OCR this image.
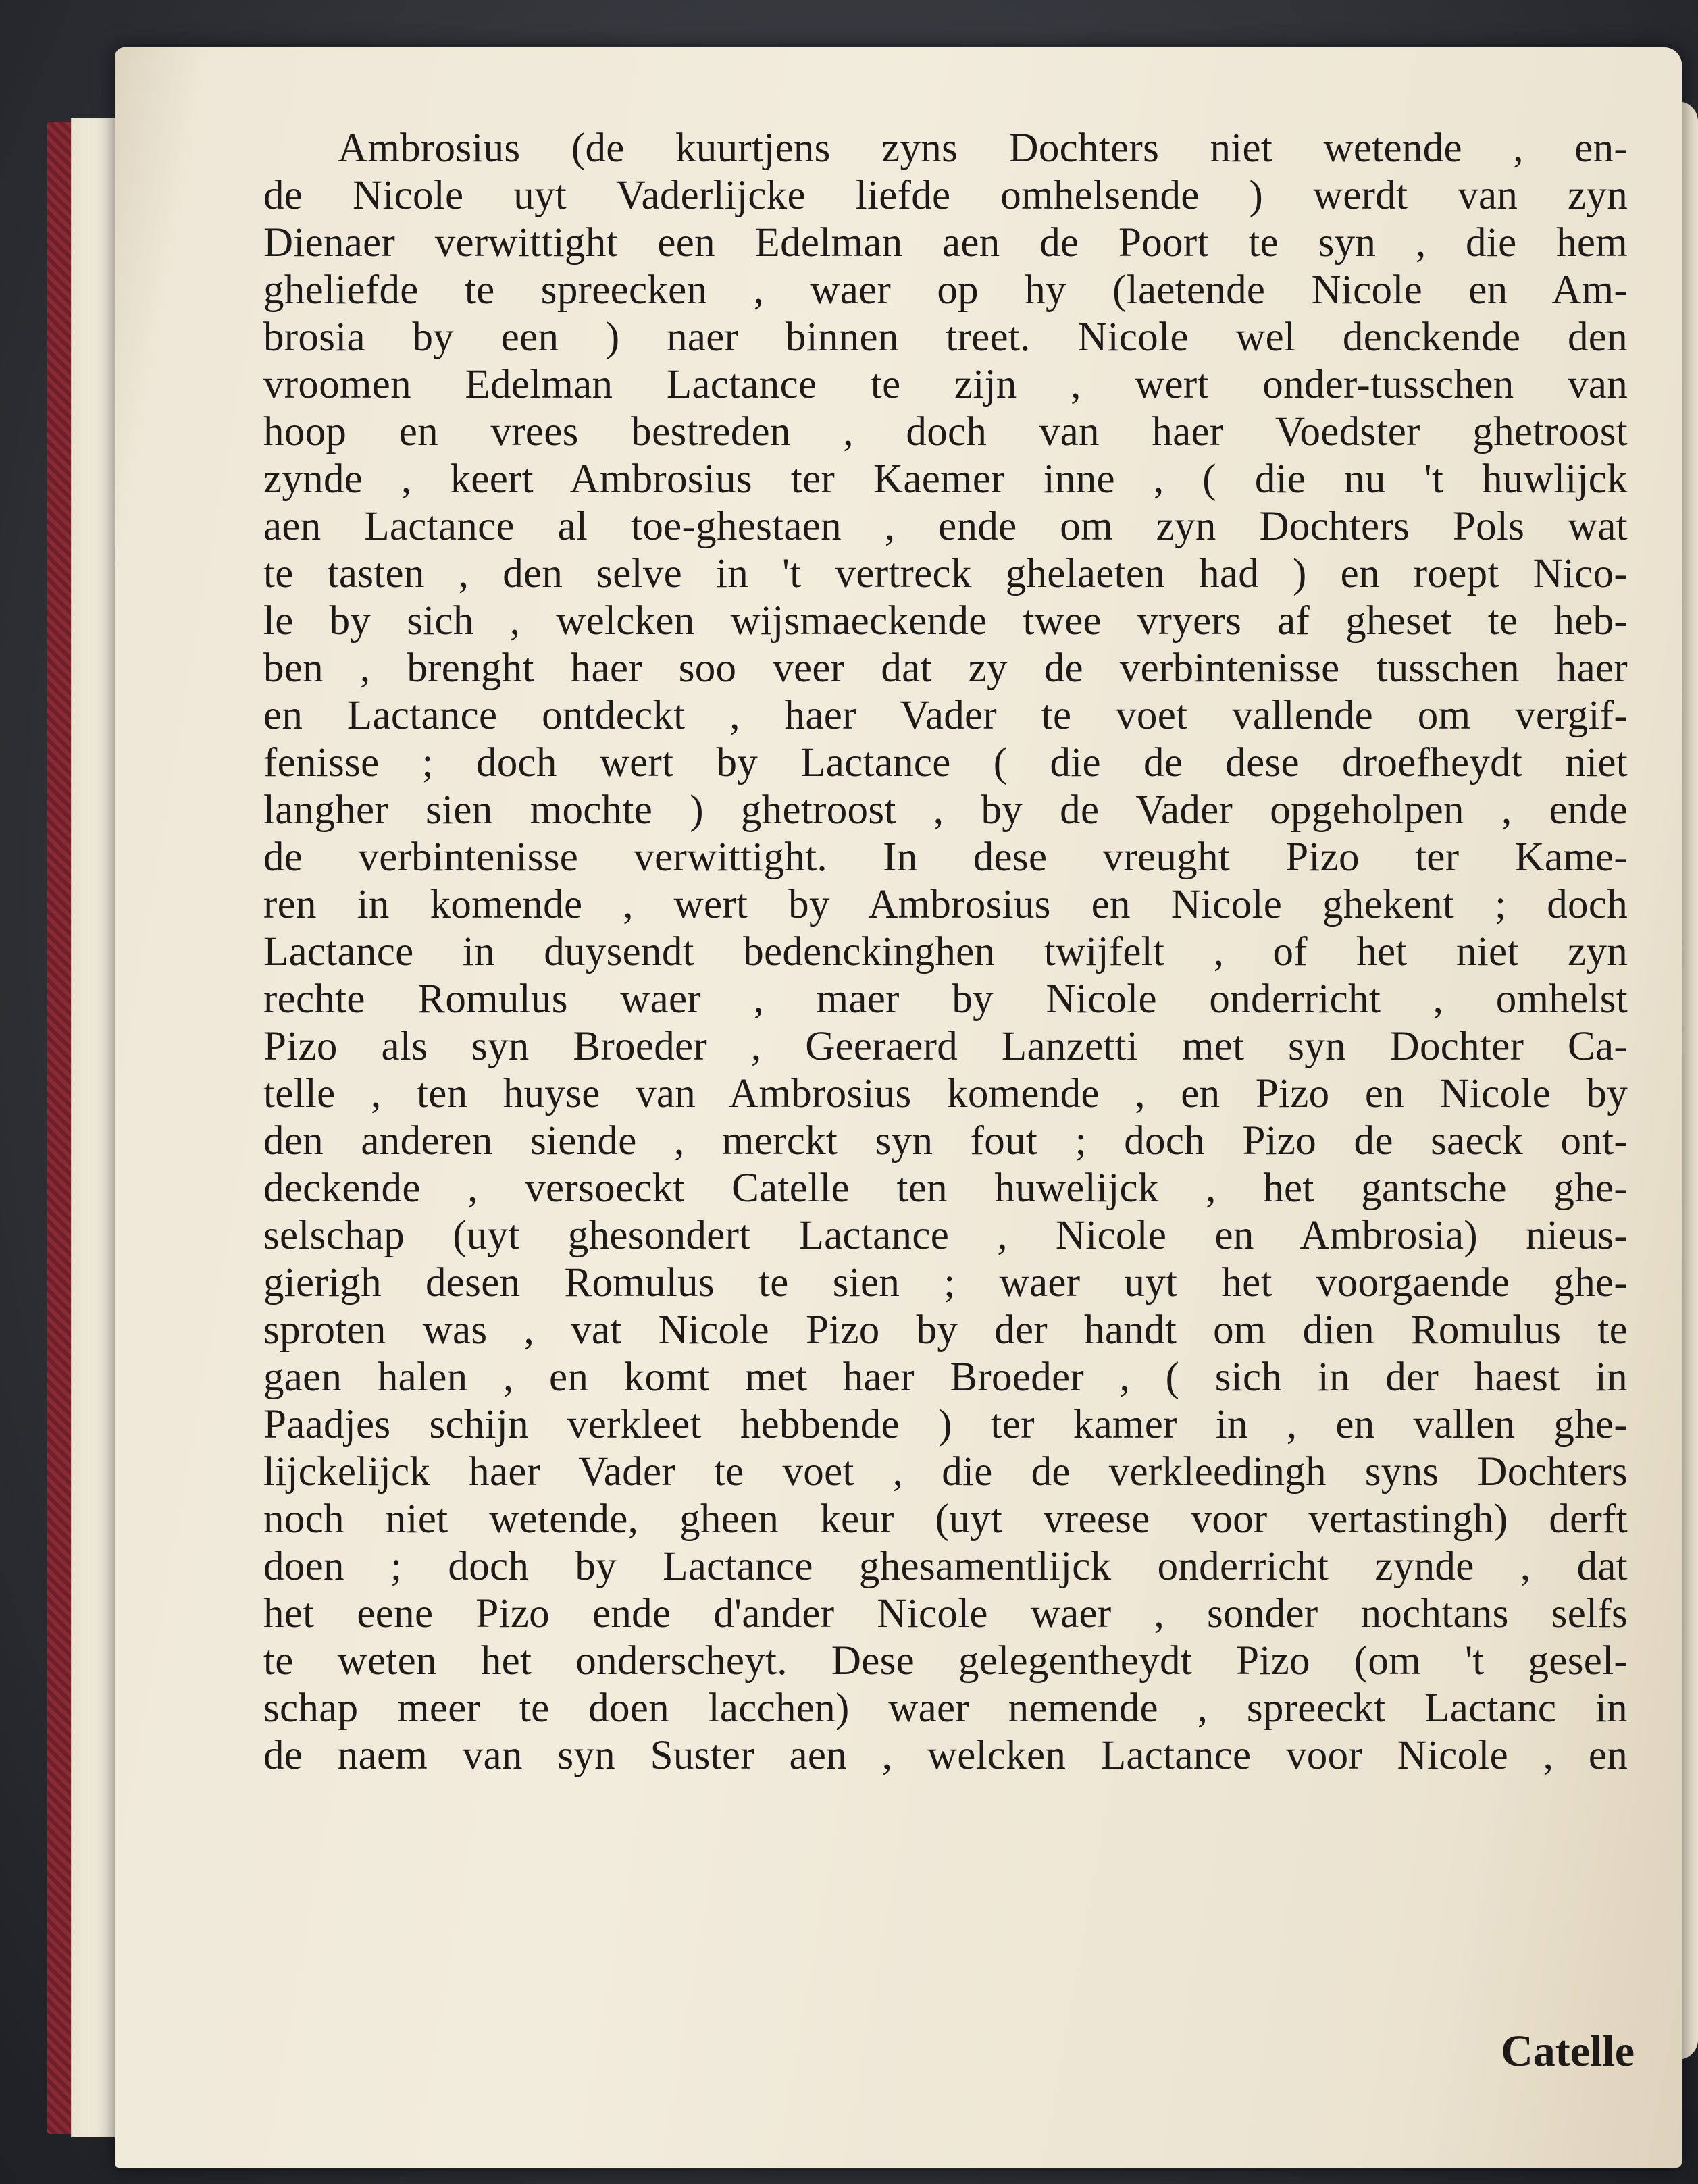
Ambrosius (de kuurtjens zyns Dochters niet wetende , en-
de Nicole uyt Vaderlijcke liefde omhelsende ) werdt van zyn
Dienaer verwittight een Edelman aen de Poort te syn , die hem
gheliefde te spreecken , waer op hy (laetende Nicole en Am-
brosia by een ) naer binnen treet. Nicole wel denckende den
vroomen Edelman Lactance te zijn , wert onder-tusschen van
hoop en vrees bestreden , doch van haer Voedster ghetroost
zynde , keert Ambrosius ter Kaemer inne , ( die nu 't huwlijck
aen Lactance al toe-ghestaen , ende om zyn Dochters Pols wat
te tasten , den selve in 't vertreck ghelaeten had ) en roept Nico-
le by sich , welcken wijsmaeckende twee vryers af gheset te heb-
ben , brenght haer soo veer dat zy de verbintenisse tusschen haer
en Lactance ontdeckt , haer Vader te voet vallende om vergif-
fenisse ; doch wert by Lactance ( die de dese droefheydt niet
langher sien mochte ) ghetroost , by de Vader opgeholpen , ende
de verbintenisse verwittight. In dese vreught Pizo ter Kame-
ren in komende , wert by Ambrosius en Nicole ghekent ; doch
Lactance in duysendt bedenckinghen twijfelt , of het niet zyn
rechte Romulus waer , maer by Nicole onderricht , omhelst
Pizo als syn Broeder , Geeraerd Lanzetti met syn Dochter Ca-
telle , ten huyse van Ambrosius komende , en Pizo en Nicole by
den anderen siende , merckt syn fout ; doch Pizo de saeck ont-
deckende , versoeckt Catelle ten huwelijck , het gantsche ghe-
selschap (uyt ghesondert Lactance , Nicole en Ambrosia) nieus-
gierigh desen Romulus te sien ; waer uyt het voorgaende ghe-
sproten was , vat Nicole Pizo by der handt om dien Romulus te
gaen halen , en komt met haer Broeder , ( sich in der haest in
Paadjes schijn verkleet hebbende ) ter kamer in , en vallen ghe-
lijckelijck haer Vader te voet , die de verkleedingh syns Dochters
noch niet wetende, gheen keur (uyt vreese voor vertastingh) derft
doen ; doch by Lactance ghesamentlijck onderricht zynde , dat
het eene Pizo ende d'ander Nicole waer , sonder nochtans selfs
te weten het onderscheyt. Dese gelegentheydt Pizo (om 't gesel-
schap meer te doen lacchen) waer nemende , spreeckt Lactanc in
de naem van syn Suster aen , welcken Lactance voor Nicole , en
Catelle
